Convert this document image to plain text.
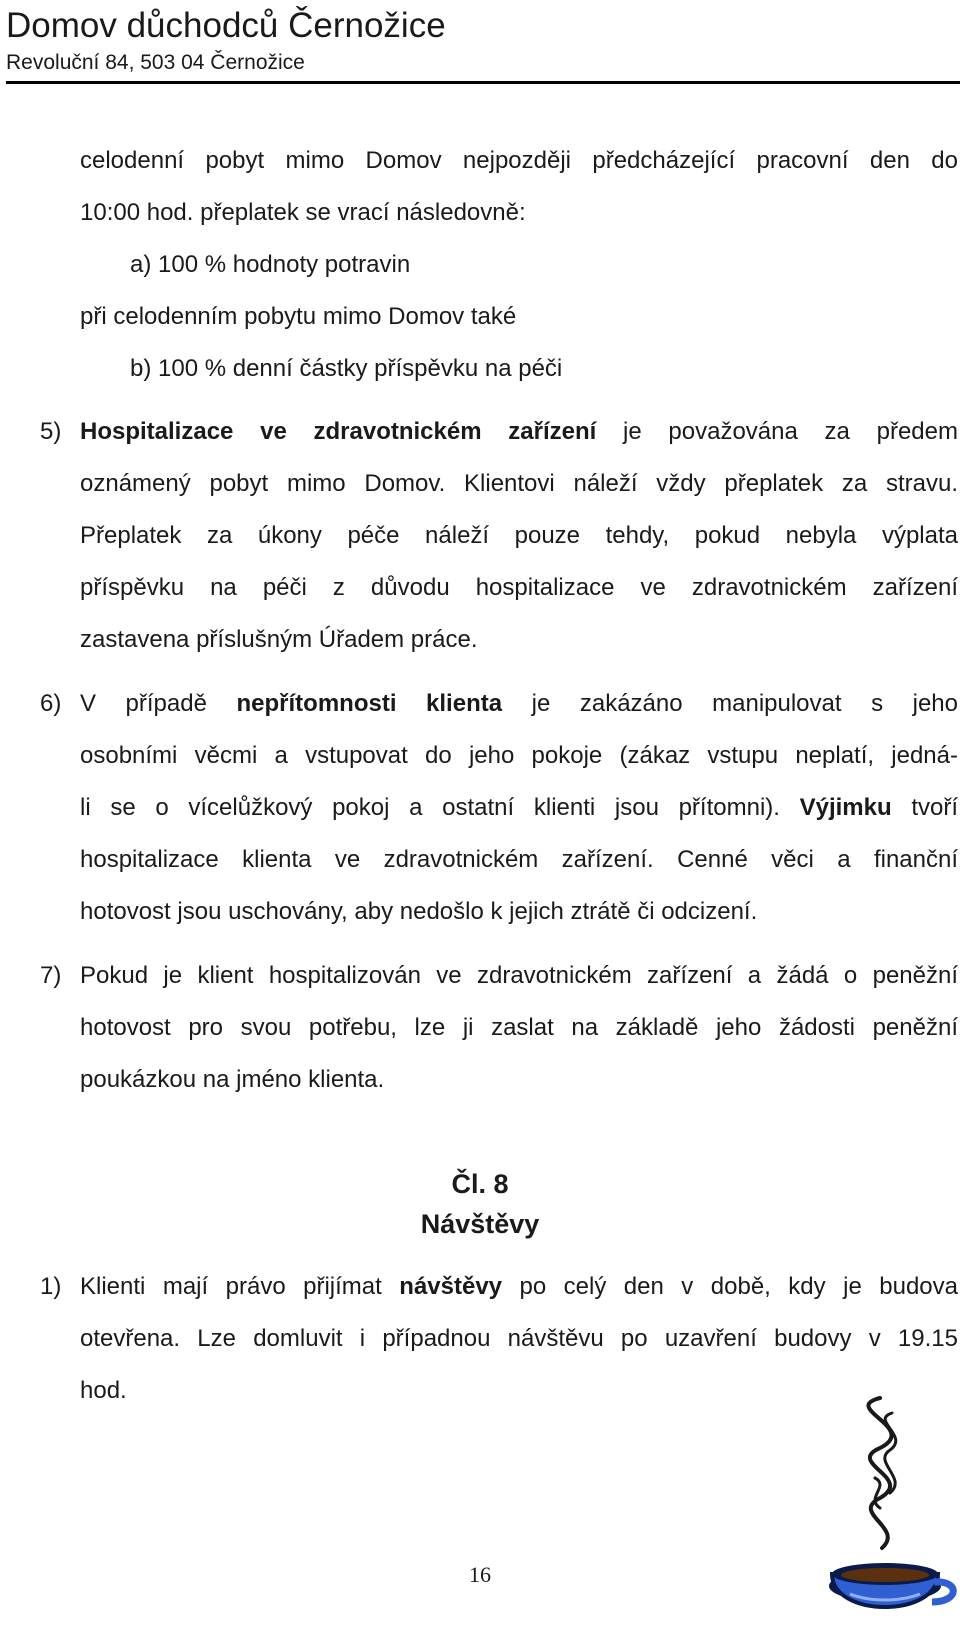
Domov důchodců Černožice
Revoluční 84, 503 04 Černožice
celodenní pobyt mimo Domov nejpozději předcházející pracovní den do
10:00 hod. přeplatek se vrací následovně:
a) 100 % hodnoty potravin
při celodenním pobytu mimo Domov také
b) 100 % denní částky příspěvku na péči
5) Hospitalizace ve zdravotnickém zařízení je považována za předem
oznámený pobyt mimo Domov. Klientovi náleží vždy přeplatek za stravu.
Přeplatek za úkony péče náleží pouze tehdy, pokud nebyla výplata
příspěvku na péči z důvodu hospitalizace ve zdravotnickém zařízení
zastavena příslušným Úřadem práce.
6) V případě nepřítomnosti klienta je zakázáno manipulovat s jeho
osobními věcmi a vstupovat do jeho pokoje (zákaz vstupu neplatí, jedná-
li se o vícelůžkový pokoj a ostatní klienti jsou přítomni). Výjimku tvoří
hospitalizace klienta ve zdravotnickém zařízení. Cenné věci a finanční
hotovost jsou uschovány, aby nedošlo k jejich ztrátě či odcizení.
7) Pokud je klient hospitalizován ve zdravotnickém zařízení a žádá o peněžní
hotovost pro svou potřebu, lze ji zaslat na základě jeho žádosti peněžní
poukázkou na jméno klienta.
Čl. 8
Návštěvy
1) Klienti mají právo přijímat návštěvy po celý den v době, kdy je budova
otevřena. Lze domluvit i případnou návštěvu po uzavření budovy v 19.15
hod.
16
